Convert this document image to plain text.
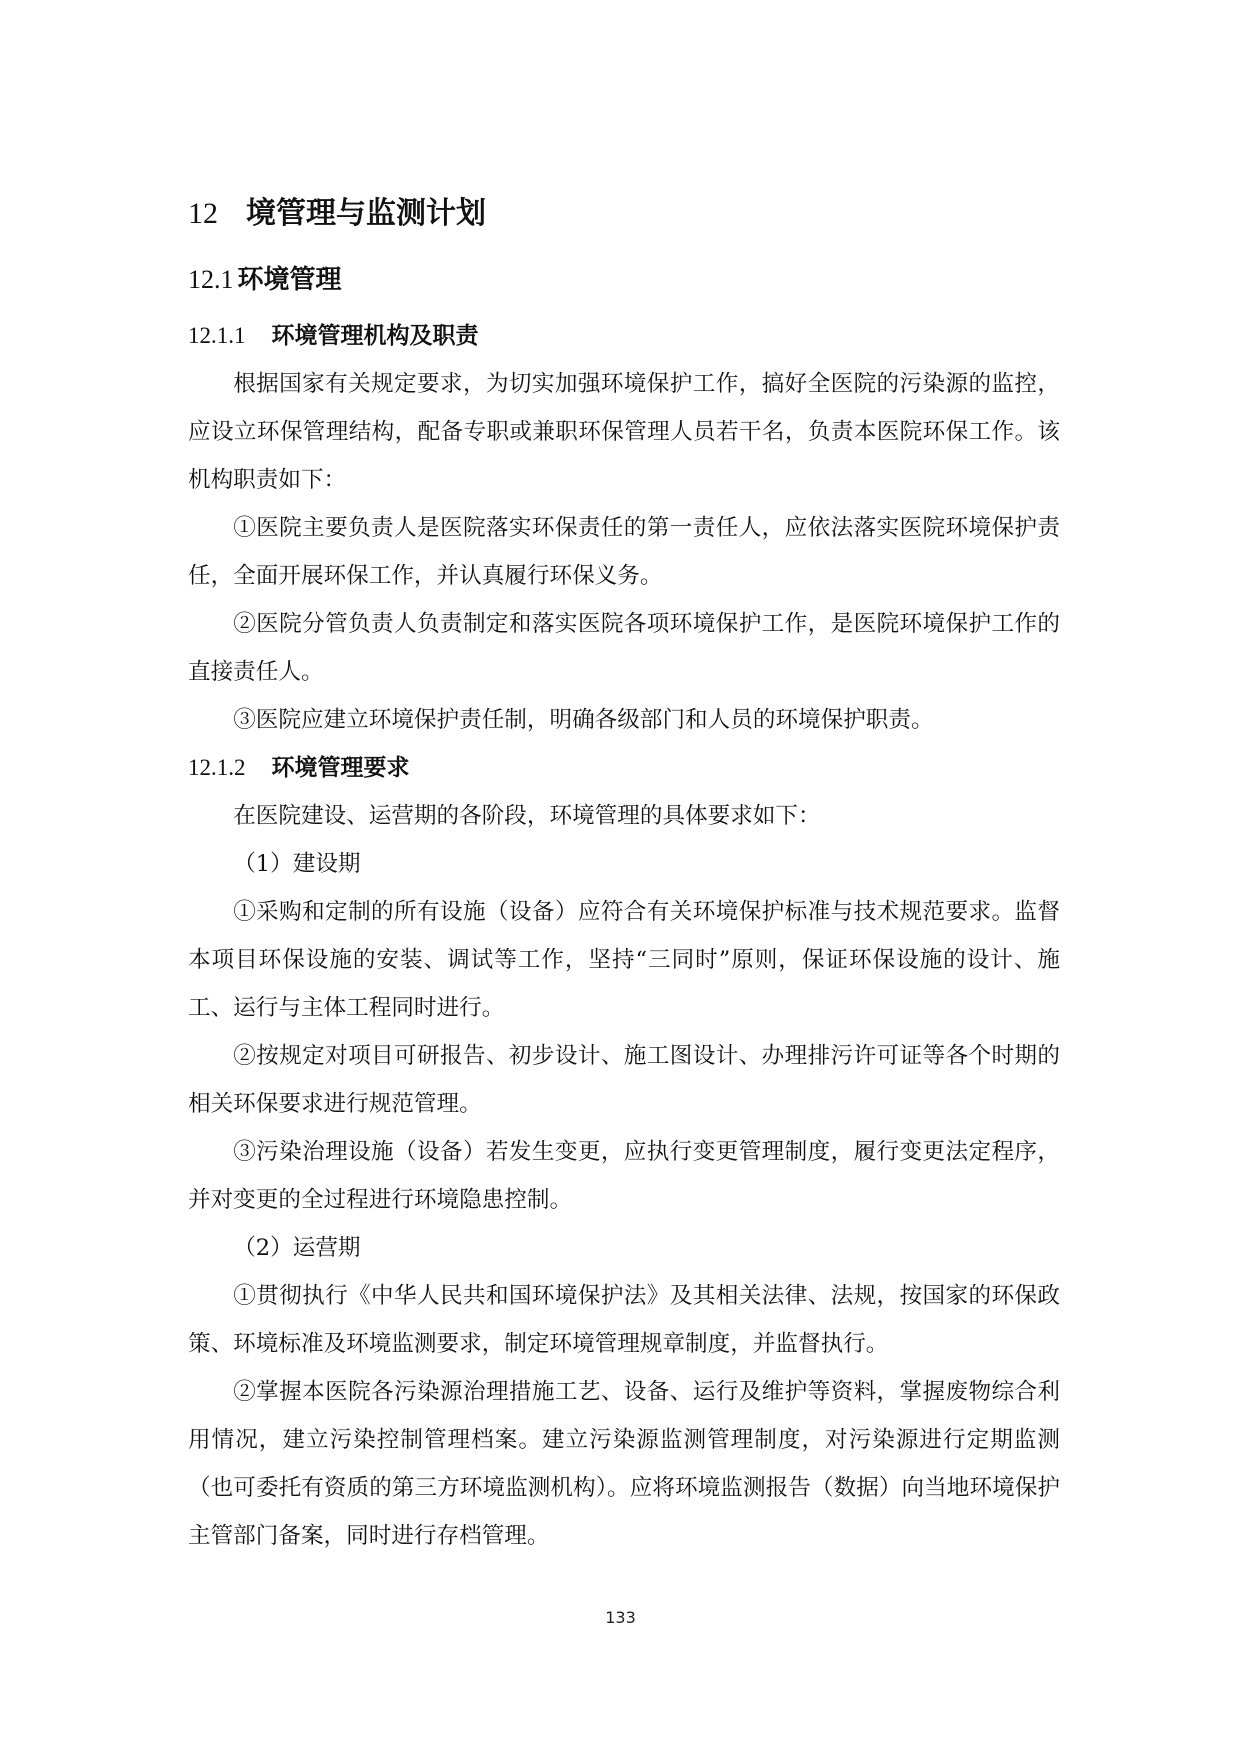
12 境管理与监测计划
12.1 环境管理
12.1.1 环境管理机构及职责

根据国家有关规定要求，为切实加强环境保护工作，搞好全医院的污染源的监控，应设立环保管理结构，配备专职或兼职环保管理人员若干名，负责本医院环保工作。该机构职责如下：

①医院主要负责人是医院落实环保责任的第一责任人，应依法落实医院环境保护责任，全面开展环保工作，并认真履行环保义务。

②医院分管负责人负责制定和落实医院各项环境保护工作，是医院环境保护工作的直接责任人。

③医院应建立环境保护责任制，明确各级部门和人员的环境保护职责。

12.1.2 环境管理要求

在医院建设、运营期的各阶段，环境管理的具体要求如下：

（1）建设期

①采购和定制的所有设施（设备）应符合有关环境保护标准与技术规范要求。监督本项目环保设施的安装、调试等工作，坚持“三同时”原则，保证环保设施的设计、施工、运行与主体工程同时进行。

②按规定对项目可研报告、初步设计、施工图设计、办理排污许可证等各个时期的相关环保要求进行规范管理。

③污染治理设施（设备）若发生变更，应执行变更管理制度，履行变更法定程序，并对变更的全过程进行环境隐患控制。

（2）运营期

①贯彻执行《中华人民共和国环境保护法》及其相关法律、法规，按国家的环保政策、环境标准及环境监测要求，制定环境管理规章制度，并监督执行。

②掌握本医院各污染源治理措施工艺、设备、运行及维护等资料，掌握废物综合利用情况，建立污染控制管理档案。建立污染源监测管理制度，对污染源进行定期监测（也可委托有资质的第三方环境监测机构）。应将环境监测报告（数据）向当地环境保护主管部门备案，同时进行存档管理。

133
